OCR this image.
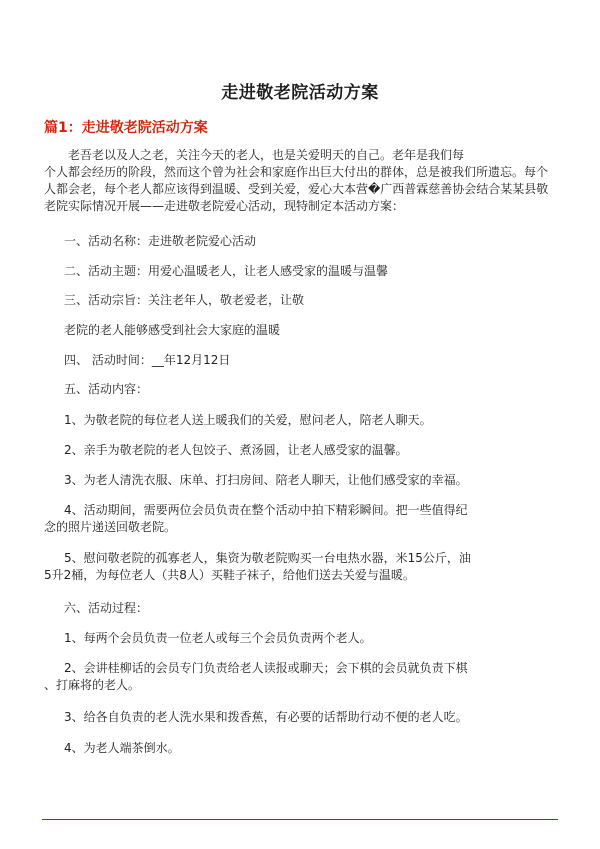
走进敬老院活动方案
篇1：走进敬老院活动方案
老吾老以及人之老，关注今天的老人，也是关爱明天的自己。老年是我们每
个人都会经历的阶段，然而这个曾为社会和家庭作出巨大付出的群体，总是被我们所遗忘。每个
人都会老，每个老人都应该得到温暖、受到关爱，爱心大本营�广西普霖慈善协会结合某某县敬
老院实际情况开展——走进敬老院爱心活动，现特制定本活动方案：
一、活动名称：走进敬老院爱心活动
二、活动主题：用爱心温暖老人，让老人感受家的温暖与温馨
三、活动宗旨：关注老年人，敬老爱老，让敬
老院的老人能够感受到社会大家庭的温暖
四、 活动时间：__年12月12日
五、活动内容：
1、为敬老院的每位老人送上暖我们的关爱，慰问老人，陪老人聊天。
2、亲手为敬老院的老人包饺子、煮汤圆，让老人感受家的温馨。
3、为老人清洗衣服、床单、打扫房间、陪老人聊天，让他们感受家的幸福。
4、活动期间，需要两位会员负责在整个活动中拍下精彩瞬间。把一些值得纪
念的照片递送回敬老院。
5、慰问敬老院的孤寡老人，集资为敬老院购买一台电热水器，米15公斤，油
5升2桶，为每位老人（共8人）买鞋子袜子，给他们送去关爱与温暖。
六、活动过程：
1、每两个会员负责一位老人或每三个会员负责两个老人。
2、会讲桂柳话的会员专门负责给老人读报或聊天；会下棋的会员就负责下棋
、打麻将的老人。
3、给各自负责的老人洗水果和拨香蕉，有必要的话帮助行动不便的老人吃。
4、为老人端茶倒水。
